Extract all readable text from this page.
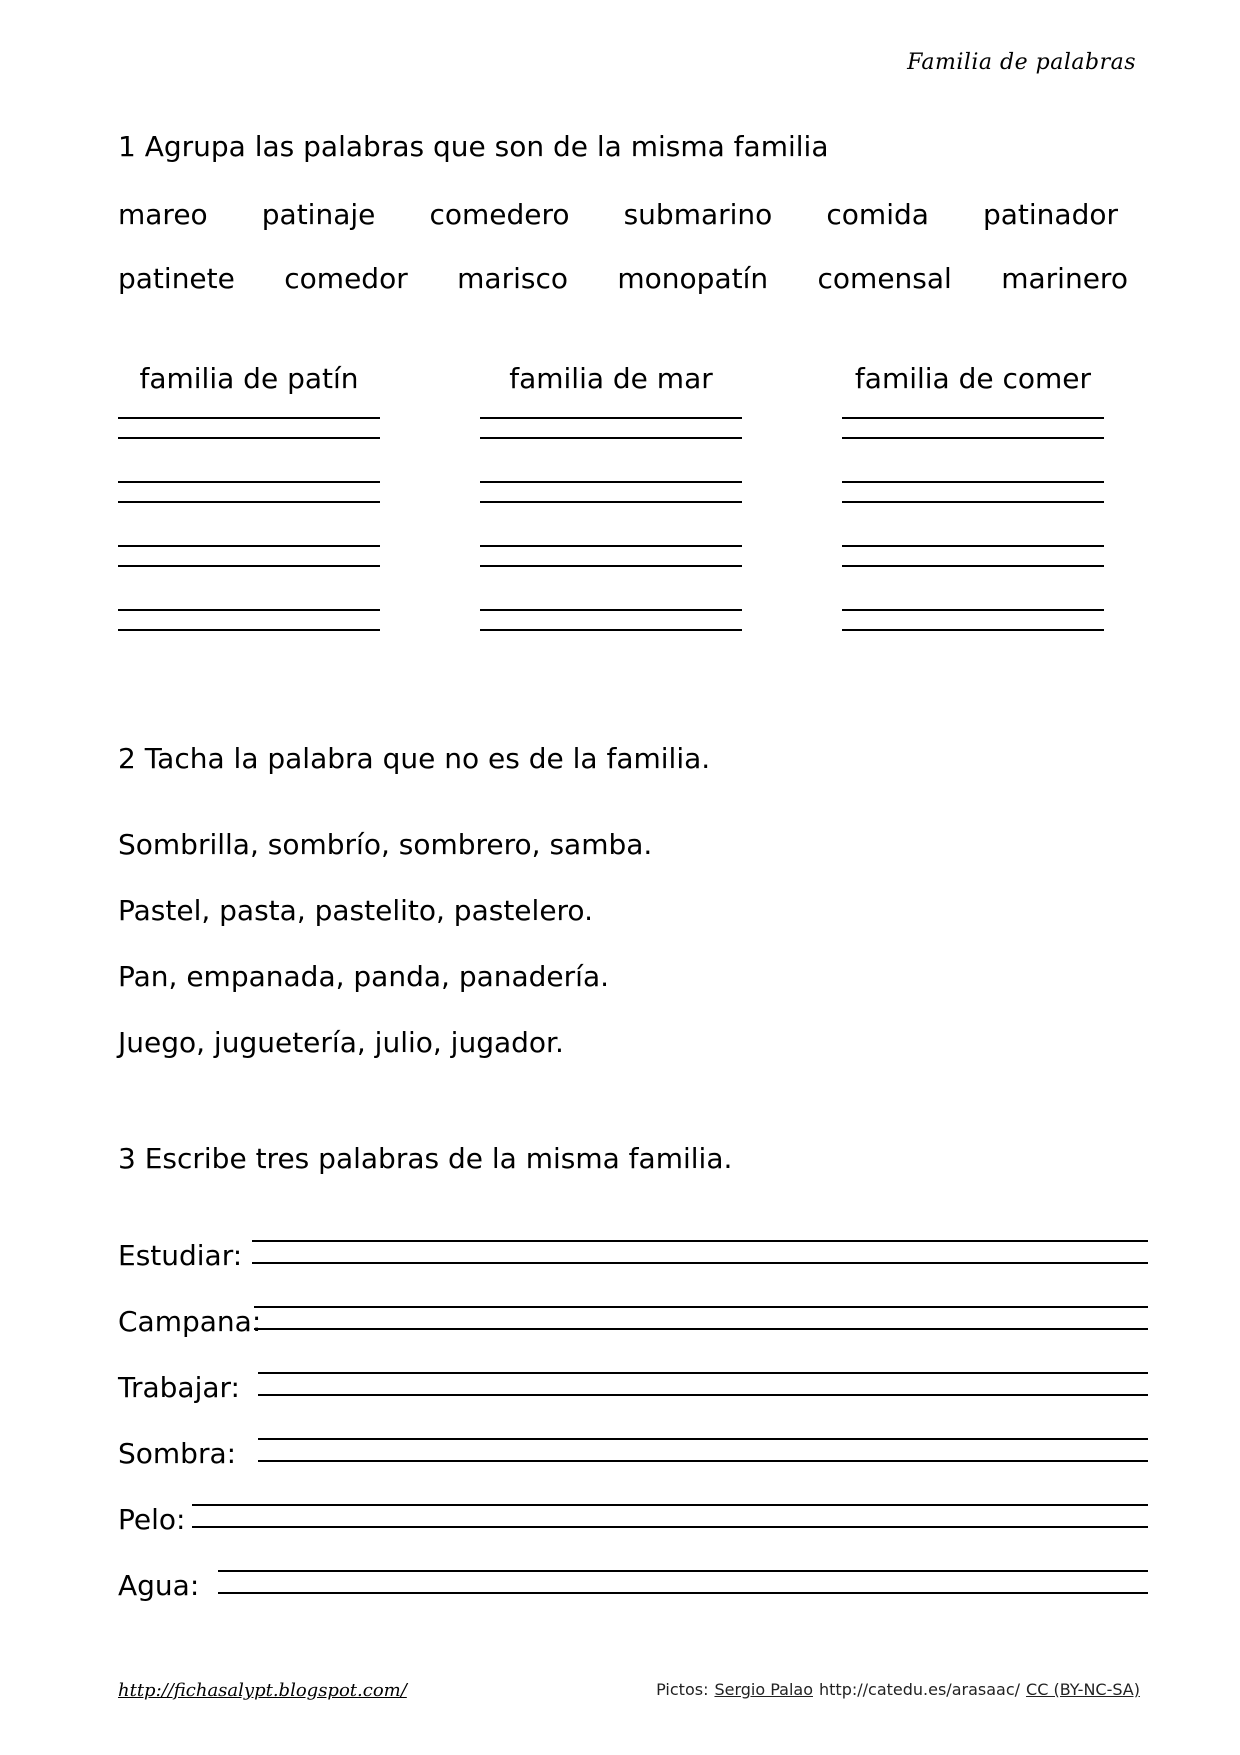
Familia de palabras
1 Agrupa las palabras que son de la misma familia
mareo patinaje comedero submarino comida patinador
patinete comedor marisco monopatín comensal marinero
familia de patín	familia de mar	familia de comer
2 Tacha la palabra que no es de la familia.
Sombrilla, sombrío, sombrero, samba.
Pastel, pasta, pastelito, pastelero.
Pan, empanada, panda, panadería.
Juego, juguetería, julio, jugador.
3 Escribe tres palabras de la misma familia.
Estudiar:
Campana:
Trabajar:
Sombra:
Pelo:
Agua:
http://fichasalypt.blogspot.com/	Pictos: Sergio Palao http://catedu.es/arasaac/ CC (BY-NC-SA)
